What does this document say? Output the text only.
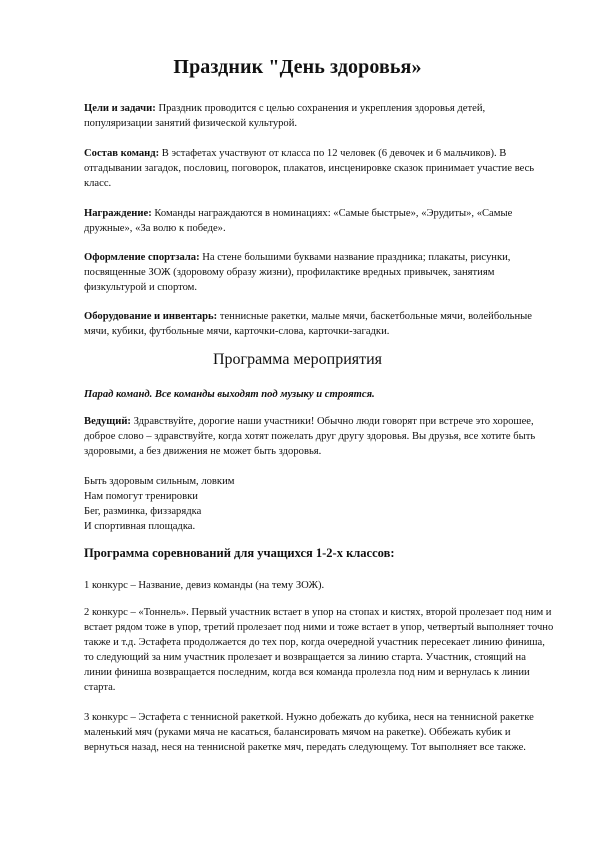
Праздник "День здоровья»

Цели и задачи: Праздник проводится с целью сохранения и укрепления здоровья детей, популяризации занятий физической культурой.

Состав команд: В эстафетах участвуют от класса по 12 человек (6 девочек и 6 мальчиков). В отгадывании загадок, пословиц, поговорок, плакатов, инсценировке сказок принимает участие весь класс.

Награждение: Команды награждаются в номинациях: «Самые быстрые», «Эрудиты», «Самые дружные», «За волю к победе».

Оформление спортзала: На стене большими буквами название праздника; плакаты, рисунки, посвященные ЗОЖ (здоровому образу жизни), профилактике вредных привычек, занятиям физкультурой и спортом.

Оборудование и инвентарь: теннисные ракетки, малые мячи, баскетбольные мячи, волейбольные мячи, кубики, футбольные мячи, карточки-слова, карточки-загадки.

Программа мероприятия

Парад команд. Все команды выходят под музыку и строятся.

Ведущий: Здравствуйте, дорогие наши участники! Обычно люди говорят при встрече это хорошее, доброе слово – здравствуйте, когда хотят пожелать друг другу здоровья. Вы друзья, все хотите быть здоровыми, а без движения не может быть здоровья.

Быть здоровым сильным, ловким
Нам помогут тренировки
Бег, разминка, физзарядка
И спортивная площадка.

Программа соревнований для учащихся 1-2-х классов:

1 конкурс – Название, девиз команды (на тему ЗОЖ).

2 конкурс – «Тоннель». Первый участник встает в упор на стопах и кистях, второй пролезает под ним и встает рядом тоже в упор, третий пролезает под ними и тоже встает в упор, четвертый выполняет точно также и т.д. Эстафета продолжается до тех пор, когда очередной участник пересекает линию финиша, то следующий за ним участник пролезает и возвращается за линию старта. Участник, стоящий на линии финиша возвращается последним, когда вся команда пролезла под ним и вернулась к линии старта.

3 конкурс – Эстафета с теннисной ракеткой. Нужно добежать до кубика, неся на теннисной ракетке маленький мяч (руками мяча не касаться, балансировать мячом на ракетке). Оббежать кубик и вернуться назад, неся на теннисной ракетке мяч, передать следующему. Тот выполняет все также.
